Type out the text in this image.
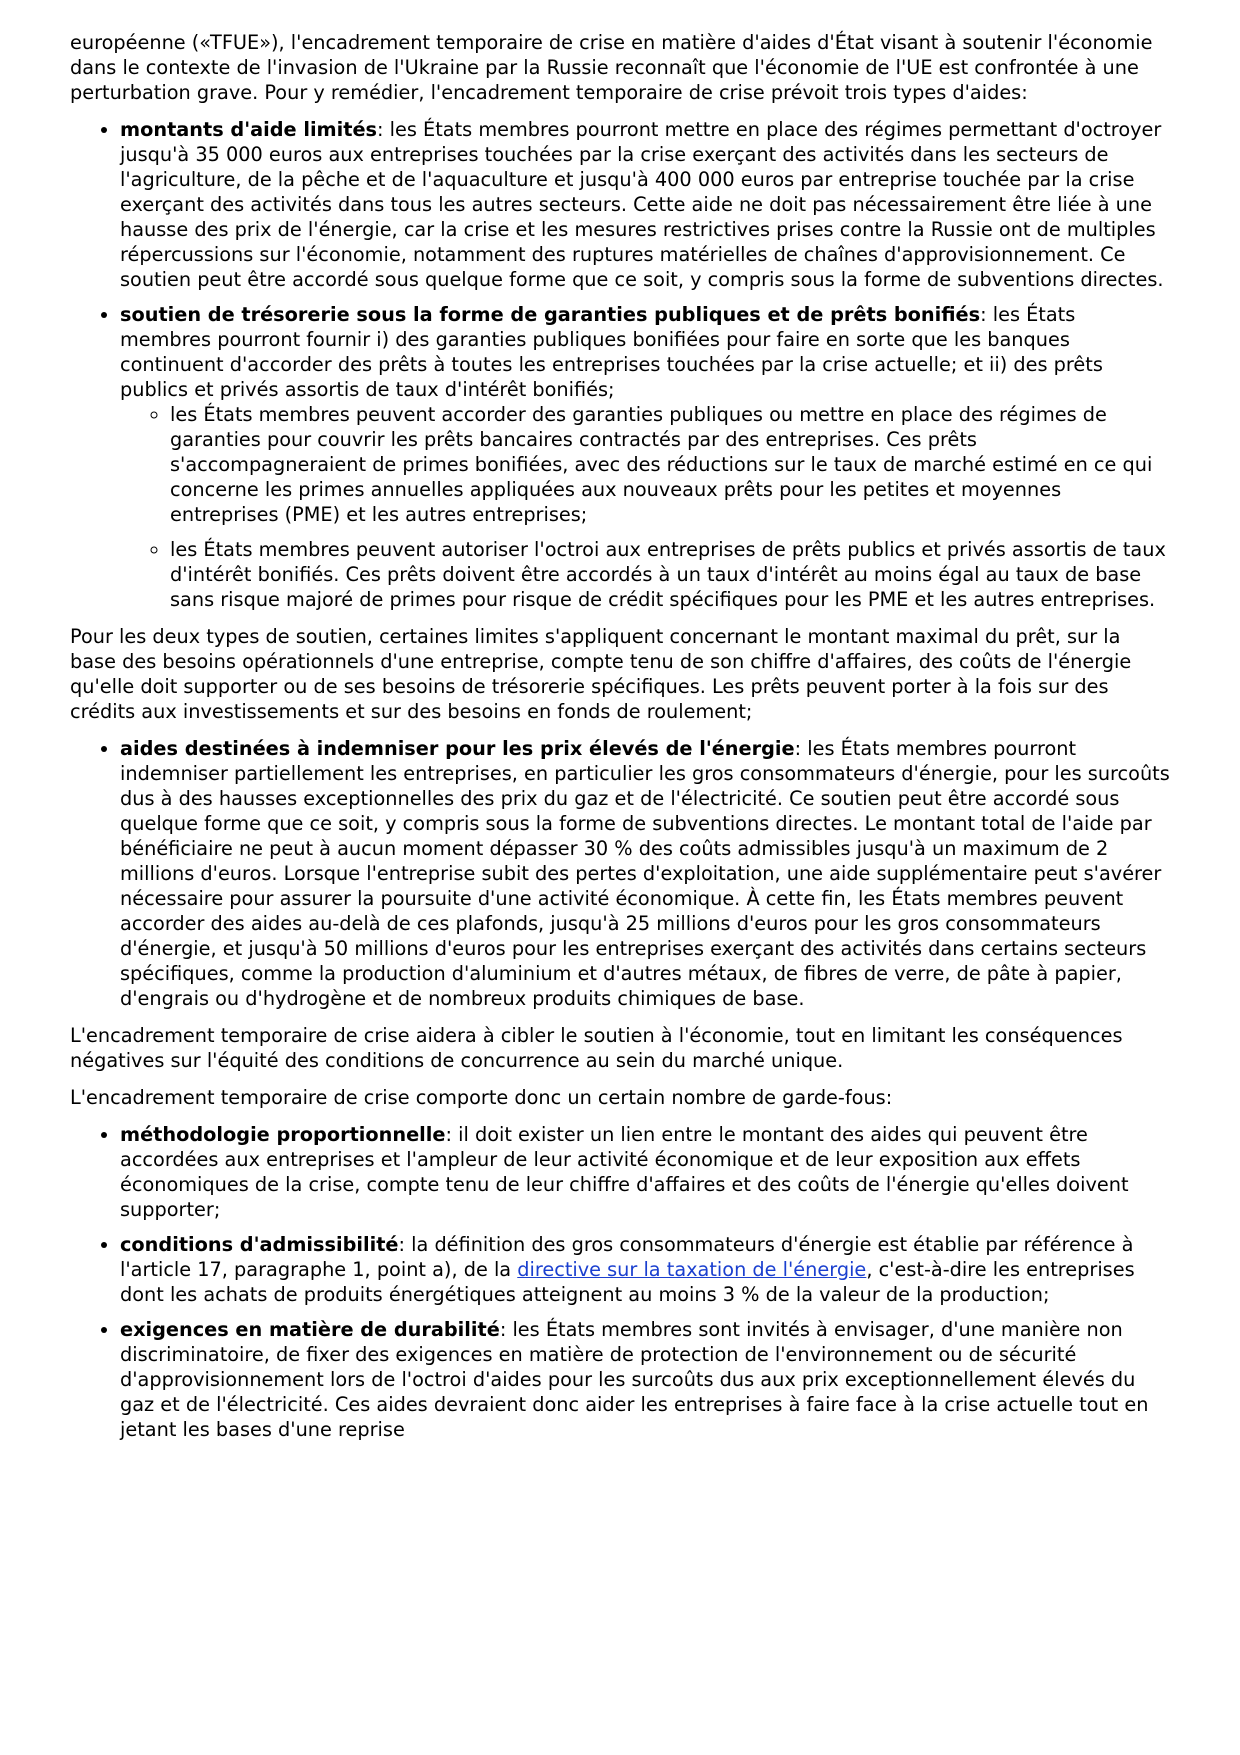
européenne («TFUE»), l'encadrement temporaire de crise en matière d'aides d'État visant à soutenir l'économie dans le contexte de l'invasion de l'Ukraine par la Russie reconnaît que l'économie de l'UE est confrontée à une perturbation grave. Pour y remédier, l'encadrement temporaire de crise prévoit trois types d'aides:

• montants d'aide limités: les États membres pourront mettre en place des régimes permettant d'octroyer jusqu'à 35 000 euros aux entreprises touchées par la crise exerçant des activités dans les secteurs de l'agriculture, de la pêche et de l'aquaculture et jusqu'à 400 000 euros par entreprise touchée par la crise exerçant des activités dans tous les autres secteurs. Cette aide ne doit pas nécessairement être liée à une hausse des prix de l'énergie, car la crise et les mesures restrictives prises contre la Russie ont de multiples répercussions sur l'économie, notamment des ruptures matérielles de chaînes d'approvisionnement. Ce soutien peut être accordé sous quelque forme que ce soit, y compris sous la forme de subventions directes.
• soutien de trésorerie sous la forme de garanties publiques et de prêts bonifiés: les États membres pourront fournir i) des garanties publiques bonifiées pour faire en sorte que les banques continuent d'accorder des prêts à toutes les entreprises touchées par la crise actuelle; et ii) des prêts publics et privés assortis de taux d'intérêt bonifiés;
◦ les États membres peuvent accorder des garanties publiques ou mettre en place des régimes de garanties pour couvrir les prêts bancaires contractés par des entreprises. Ces prêts s'accompagneraient de primes bonifiées, avec des réductions sur le taux de marché estimé en ce qui concerne les primes annuelles appliquées aux nouveaux prêts pour les petites et moyennes entreprises (PME) et les autres entreprises;
◦ les États membres peuvent autoriser l'octroi aux entreprises de prêts publics et privés assortis de taux d'intérêt bonifiés. Ces prêts doivent être accordés à un taux d'intérêt au moins égal au taux de base sans risque majoré de primes pour risque de crédit spécifiques pour les PME et les autres entreprises.

Pour les deux types de soutien, certaines limites s'appliquent concernant le montant maximal du prêt, sur la base des besoins opérationnels d'une entreprise, compte tenu de son chiffre d'affaires, des coûts de l'énergie qu'elle doit supporter ou de ses besoins de trésorerie spécifiques. Les prêts peuvent porter à la fois sur des crédits aux investissements et sur des besoins en fonds de roulement;

• aides destinées à indemniser pour les prix élevés de l'énergie: les États membres pourront indemniser partiellement les entreprises, en particulier les gros consommateurs d'énergie, pour les surcoûts dus à des hausses exceptionnelles des prix du gaz et de l'électricité. Ce soutien peut être accordé sous quelque forme que ce soit, y compris sous la forme de subventions directes. Le montant total de l'aide par bénéficiaire ne peut à aucun moment dépasser 30 % des coûts admissibles jusqu'à un maximum de 2 millions d'euros. Lorsque l'entreprise subit des pertes d'exploitation, une aide supplémentaire peut s'avérer nécessaire pour assurer la poursuite d'une activité économique. À cette fin, les États membres peuvent accorder des aides au-delà de ces plafonds, jusqu'à 25 millions d'euros pour les gros consommateurs d'énergie, et jusqu'à 50 millions d'euros pour les entreprises exerçant des activités dans certains secteurs spécifiques, comme la production d'aluminium et d'autres métaux, de fibres de verre, de pâte à papier, d'engrais ou d'hydrogène et de nombreux produits chimiques de base.

L'encadrement temporaire de crise aidera à cibler le soutien à l'économie, tout en limitant les conséquences négatives sur l'équité des conditions de concurrence au sein du marché unique.

L'encadrement temporaire de crise comporte donc un certain nombre de garde-fous:

• méthodologie proportionnelle: il doit exister un lien entre le montant des aides qui peuvent être accordées aux entreprises et l'ampleur de leur activité économique et de leur exposition aux effets économiques de la crise, compte tenu de leur chiffre d'affaires et des coûts de l'énergie qu'elles doivent supporter;
• conditions d'admissibilité: la définition des gros consommateurs d'énergie est établie par référence à l'article 17, paragraphe 1, point a), de la directive sur la taxation de l'énergie, c'est-à-dire les entreprises dont les achats de produits énergétiques atteignent au moins 3 % de la valeur de la production;
• exigences en matière de durabilité: les États membres sont invités à envisager, d'une manière non discriminatoire, de fixer des exigences en matière de protection de l'environnement ou de sécurité d'approvisionnement lors de l'octroi d'aides pour les surcoûts dus aux prix exceptionnellement élevés du gaz et de l'électricité. Ces aides devraient donc aider les entreprises à faire face à la crise actuelle tout en jetant les bases d'une reprise
